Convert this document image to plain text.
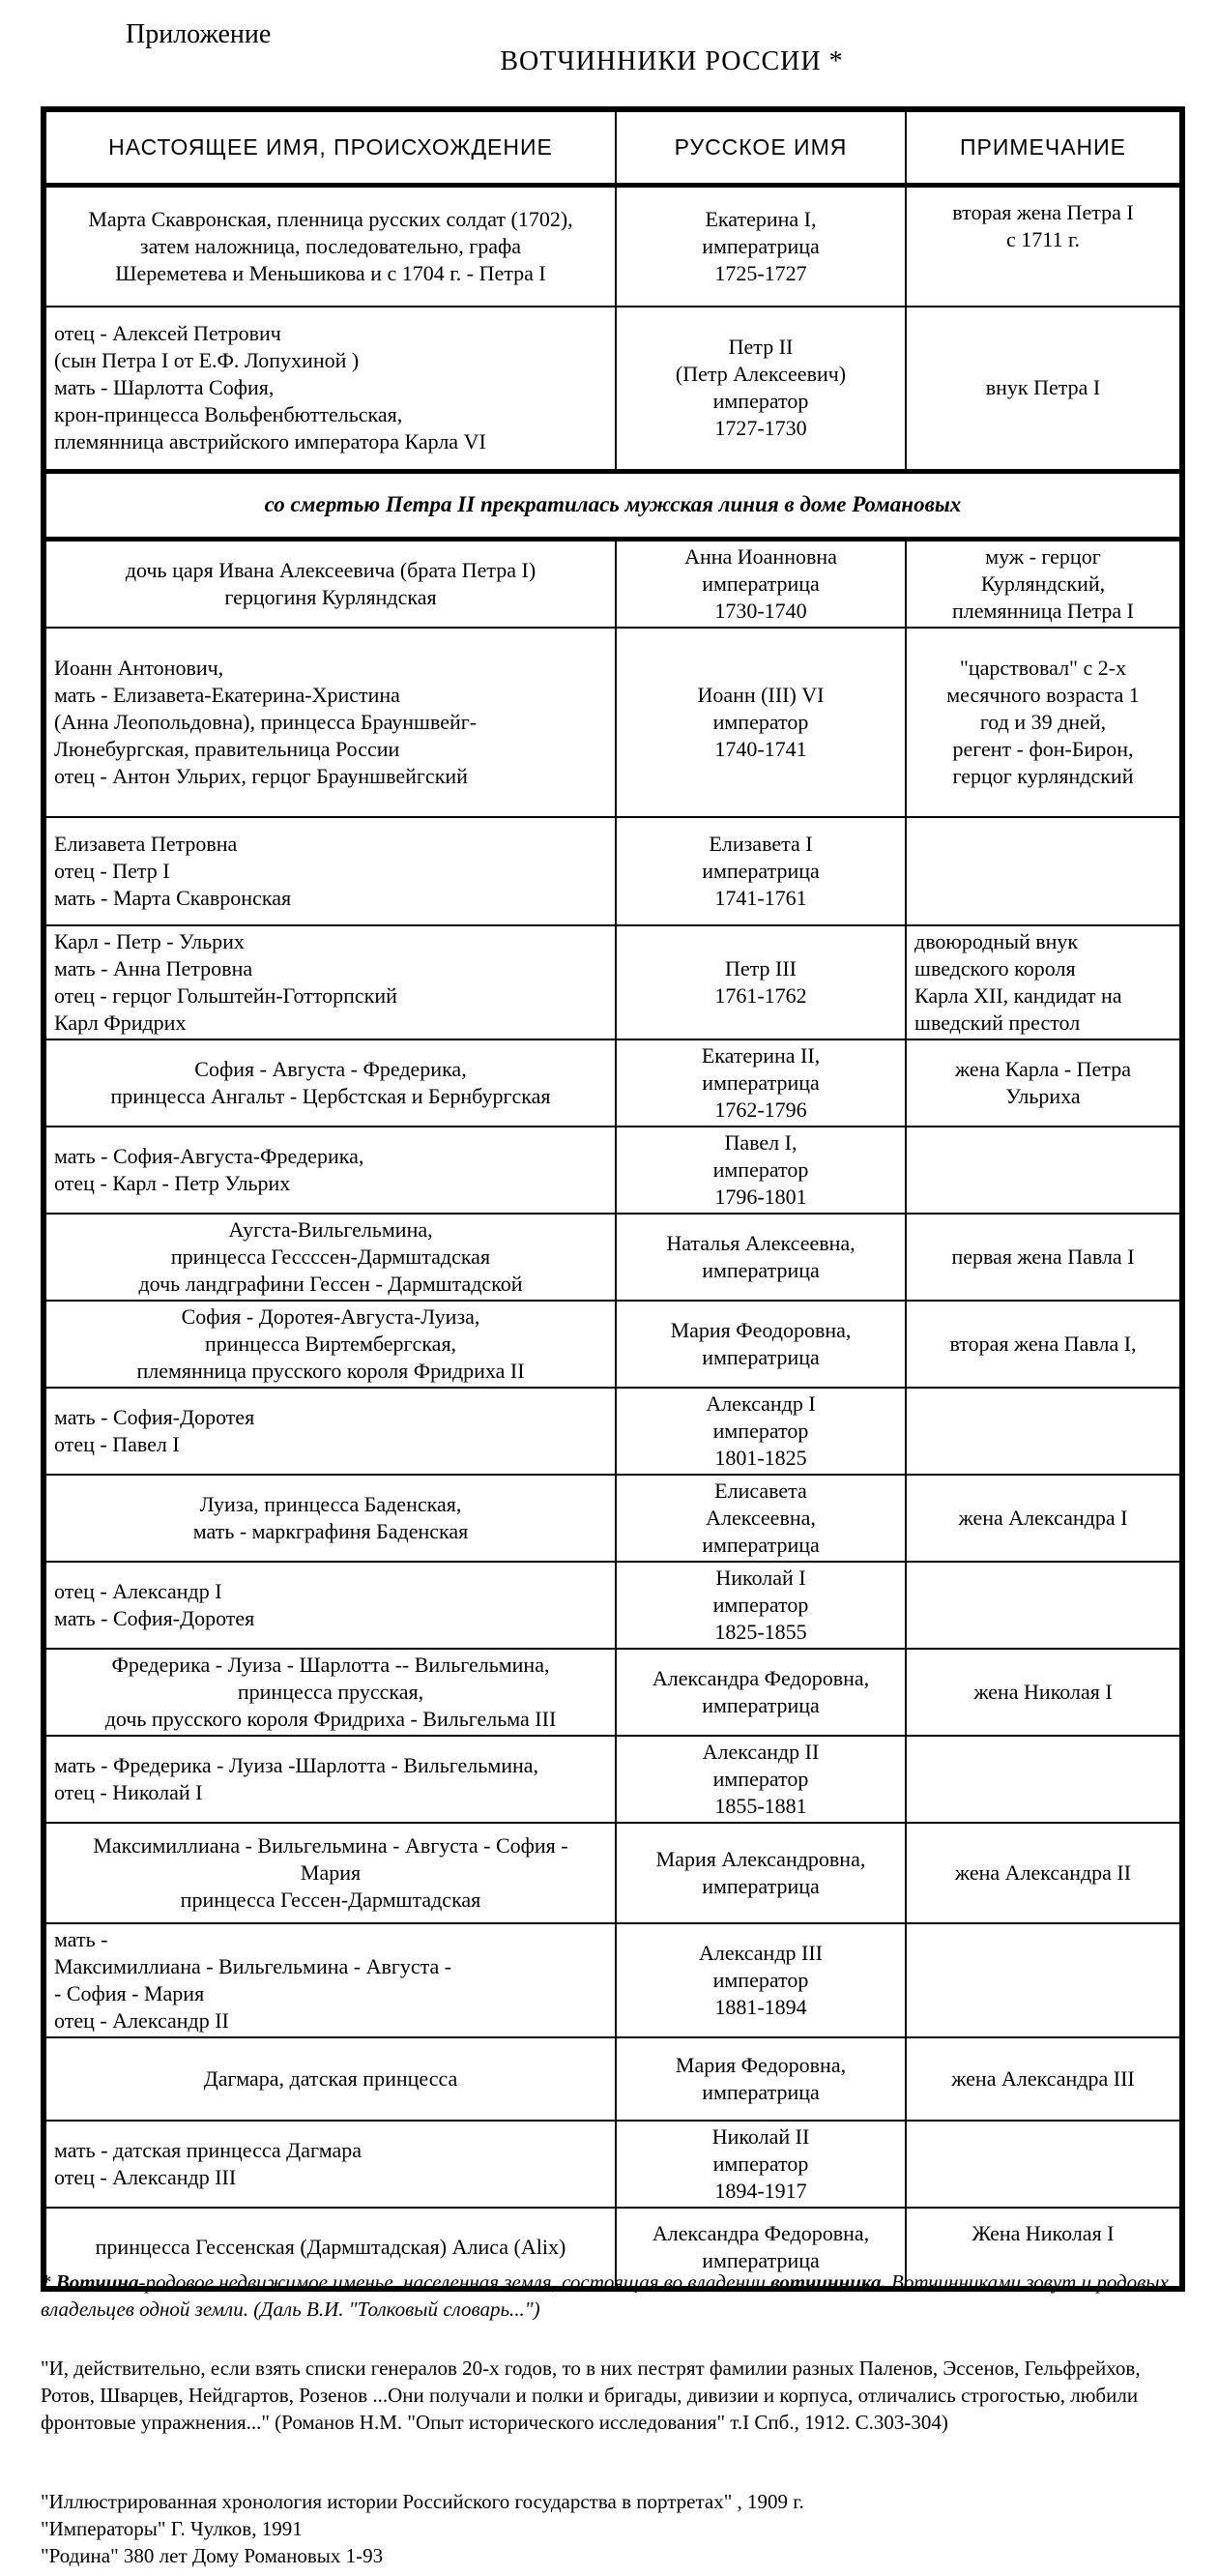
Приложение
ВОТЧИННИКИ РОССИИ *
НАСТОЯЩЕЕ ИМЯ, ПРОИСХОЖДЕНИЕ	РУССКОЕ ИМЯ	ПРИМЕЧАНИЕ
Марта Скавронская, пленница русских солдат (1702),
затем наложница, последовательно, графа
Шереметева и Меньшикова и с 1704 г. - Петра I	Екатерина I,
императрица
1725-1727	вторая жена Петра I
с 1711 г.
отец - Алексей Петрович
(сын Петра I от Е.Ф. Лопухиной )
мать - Шарлотта София,
крон-принцесса Вольфенбюттельская,
племянница австрийского императора Карла VI	Петр II
(Петр Алексеевич)
император
1727-1730	внук Петра I
со смертью Петра II прекратилась мужская линия в доме Романовых		
дочь царя Ивана Алексеевича (брата Петра I)
герцогиня Курляндская	Анна Иоанновна
императрица
1730-1740	муж - герцог
Курляндский,
племянница Петра I
Иоанн Антонович,
мать - Елизавета-Екатерина-Христина
(Анна Леопольдовна), принцесса Брауншвейг-
Люнебургская, правительница России
отец - Антон Ульрих, герцог Брауншвейгский	Иоанн (III) VI
император
1740-1741	"царствовал" с 2-х
месячного возраста 1
год и 39 дней,
регент - фон-Бирон,
герцог курляндский
Елизавета Петровна
отец - Петр I
мать - Марта Скавронская	Елизавета I
императрица
1741-1761	
Карл - Петр - Ульрих
мать - Анна Петровна
отец - герцог Гольштейн-Готторпский
Карл Фридрих	Петр III
1761-1762	двоюродный внук
шведского короля
Карла XII, кандидат на
шведский престол
София - Августа - Фредерика,
принцесса Ангальт - Цербстская и Бернбургская	Екатерина II,
императрица
1762-1796	жена Карла - Петра
Ульриха
мать - София-Августа-Фредерика,
отец - Карл - Петр Ульрих	Павел I,
император
1796-1801	
Аугста-Вильгельмина,
принцесса Гессссен-Дармштадская
дочь ландграфини Гессен - Дармштадской	Наталья Алексеевна,
императрица	первая жена Павла I
София - Доротея-Августа-Луиза,
принцесса Виртембергская,
племянница прусского короля Фридриха II	Мария Феодоровна,
императрица	вторая жена Павла I,
мать - София-Доротея
отец - Павел I	Александр I
император
1801-1825	
Луиза, принцесса Баденская,
мать - маркграфиня Баденская	Елисавета
Алексеевна,
императрица	жена Александра I
отец - Александр I
мать - София-Доротея	Николай I
император
1825-1855	
Фредерика - Луиза - Шарлотта -- Вильгельмина,
принцесса прусская,
дочь прусского короля Фридриха - Вильгельма III	Александра Федоровна,
императрица	жена Николая I
мать - Фредерика - Луиза -Шарлотта - Вильгельмина,
отец - Николай I	Александр II
император
1855-1881	
Максимиллиана - Вильгельмина - Августа - София -
Мария
принцесса Гессен-Дармштадская	Мария Александровна,
императрица	жена Александра II
мать -
Максимиллиана - Вильгельмина - Августа -
- София - Мария
отец - Александр II	Александр III
император
1881-1894	
Дагмара, датская принцесса	Мария Федоровна,
императрица	жена Александра III
мать - датская принцесса Дагмара
отец - Александр III	Николай II
император
1894-1917	
принцесса Гессенская (Дармштадская) Алиса (Alix)	Александра Федоровна,
императрица	Жена Николая I
* Вотчина-родовое недвижимое именье, населенная земля, состоящая во владении вотчинника. Вотчинниками зовут и родовых владельцев одной земли. (Даль В.И. "Толковый словарь...")
"И, действительно, если взять списки генералов 20-х годов, то в них пестрят фамилии разных Паленов, Эссенов, Гельфрейхов, Ротов, Шварцев, Нейдгартов, Розенов ...Они получали и полки и бригады, дивизии и корпуса, отличались строгостью, любили фронтовые упражнения..." (Романов Н.М. "Опыт исторического исследования" т.I Спб., 1912. С.303-304)
"Иллюстрированная хронология истории Российского государства в портретах" , 1909 г.
"Императоры" Г. Чулков, 1991
"Родина" 380 лет Дому Романовых 1-93
